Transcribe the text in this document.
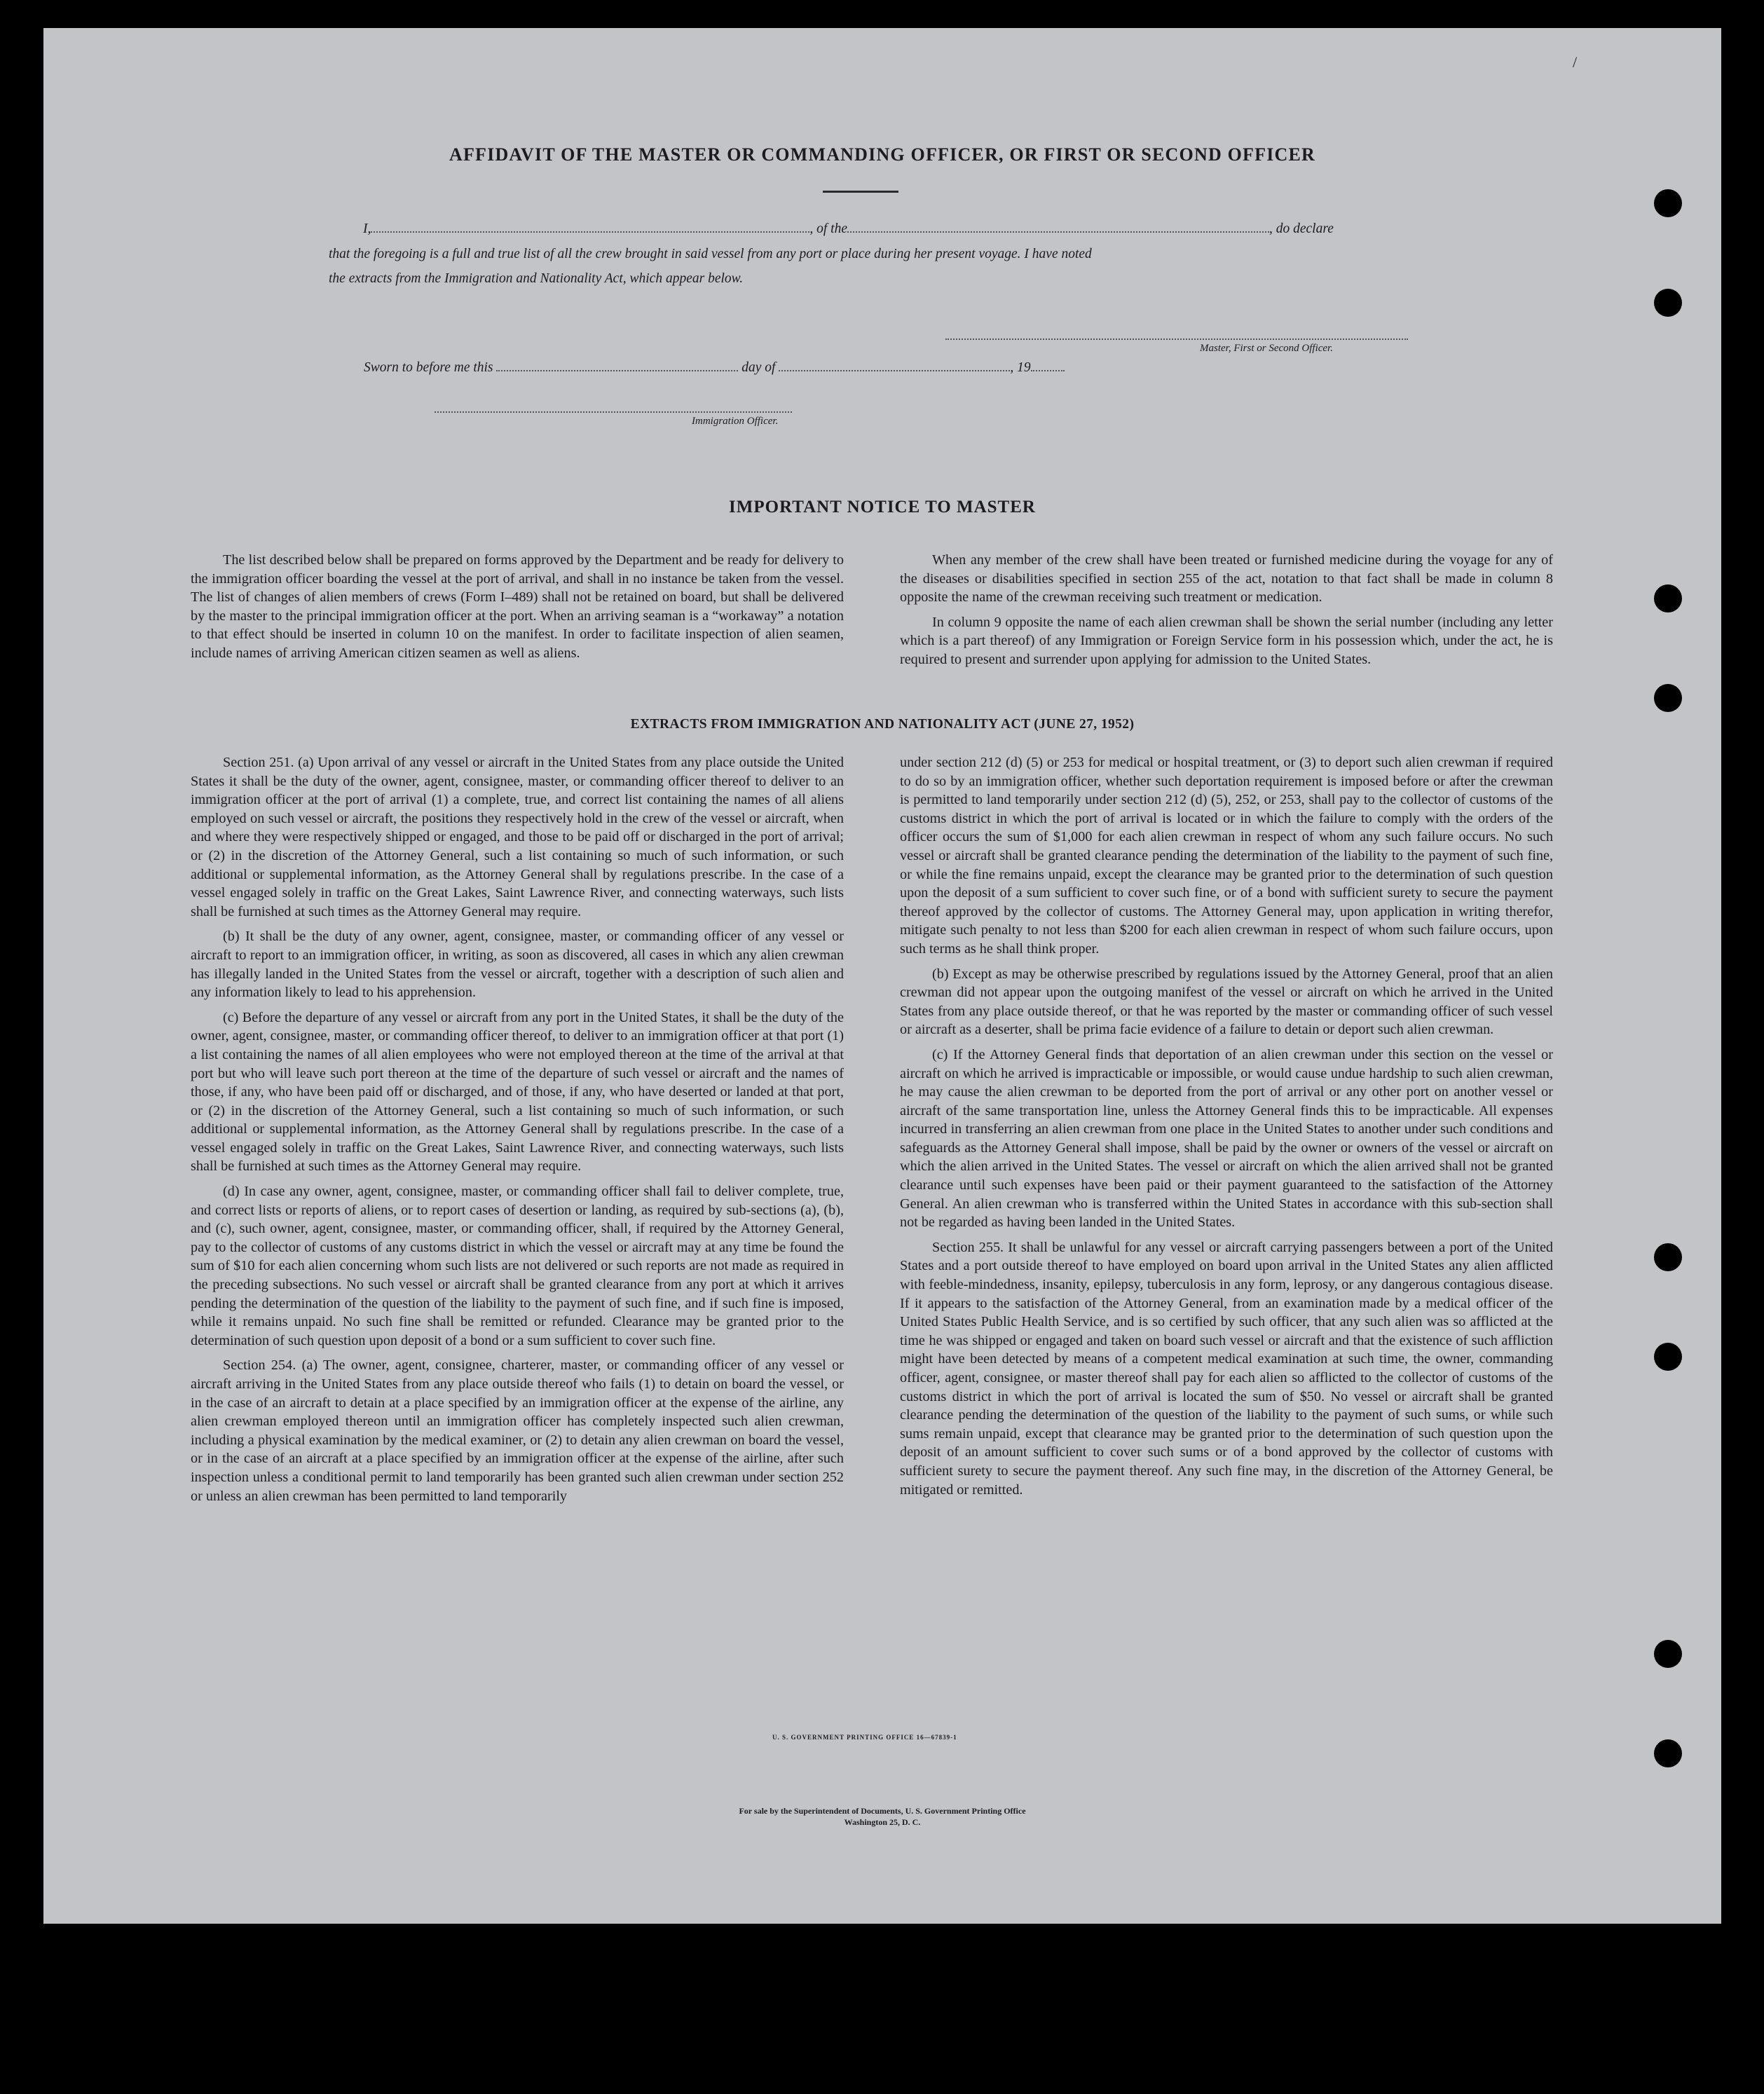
AFFIDAVIT OF THE MASTER OR COMMANDING OFFICER, OR FIRST OR SECOND OFFICER
I,	, of the	, do declare
that the foregoing is a full and true list of all the crew brought in said vessel from any port or place during her present voyage. I have noted
the extracts from the Immigration and Nationality Act, which appear below.
Master, First or Second Officer.
Sworn to before me this	day of	, 19
Immigration Officer.
IMPORTANT NOTICE TO MASTER

The list described below shall be prepared on forms approved by the Department and be ready for delivery to the immigration officer boarding the vessel at the port of arrival, and shall in no instance be taken from the vessel. The list of changes of alien members of crews (Form I–489) shall not be retained on board, but shall be delivered by the master to the principal immigration officer at the port. When an arriving seaman is a “workaway” a notation to that effect should be inserted in column 10 on the manifest. In order to facilitate inspection of alien seamen, include names of arriving American citizen seamen as well as aliens.

When any member of the crew shall have been treated or furnished medicine during the voyage for any of the diseases or disabilities specified in section 255 of the act, notation to that fact shall be made in column 8 opposite the name of the crewman receiving such treatment or medication.

In column 9 opposite the name of each alien crewman shall be shown the serial number (including any letter which is a part thereof) of any Immigration or Foreign Service form in his possession which, under the act, he is required to present and surrender upon applying for admission to the United States.

EXTRACTS FROM IMMIGRATION AND NATIONALITY ACT (JUNE 27, 1952)

Section 251. (a) Upon arrival of any vessel or aircraft in the United States from any place outside the United States it shall be the duty of the owner, agent, consignee, master, or commanding officer thereof to deliver to an immigration officer at the port of arrival (1) a complete, true, and correct list containing the names of all aliens employed on such vessel or aircraft, the positions they respectively hold in the crew of the vessel or aircraft, when and where they were respectively shipped or engaged, and those to be paid off or discharged in the port of arrival; or (2) in the discretion of the Attorney General, such a list containing so much of such information, or such additional or supplemental information, as the Attorney General shall by regulations prescribe. In the case of a vessel engaged solely in traffic on the Great Lakes, Saint Lawrence River, and connecting waterways, such lists shall be furnished at such times as the Attorney General may require.

(b) It shall be the duty of any owner, agent, consignee, master, or commanding officer of any vessel or aircraft to report to an immigration officer, in writing, as soon as discovered, all cases in which any alien crewman has illegally landed in the United States from the vessel or aircraft, together with a description of such alien and any information likely to lead to his apprehension.

(c) Before the departure of any vessel or aircraft from any port in the United States, it shall be the duty of the owner, agent, consignee, master, or commanding officer thereof, to deliver to an immigration officer at that port (1) a list containing the names of all alien employees who were not employed thereon at the time of the arrival at that port but who will leave such port thereon at the time of the departure of such vessel or aircraft and the names of those, if any, who have been paid off or discharged, and of those, if any, who have deserted or landed at that port, or (2) in the discretion of the Attorney General, such a list containing so much of such information, or such additional or supplemental information, as the Attorney General shall by regulations prescribe. In the case of a vessel engaged solely in traffic on the Great Lakes, Saint Lawrence River, and connecting waterways, such lists shall be furnished at such times as the Attorney General may require.

(d) In case any owner, agent, consignee, master, or commanding officer shall fail to deliver complete, true, and correct lists or reports of aliens, or to report cases of desertion or landing, as required by sub-sections (a), (b), and (c), such owner, agent, consignee, master, or commanding officer, shall, if required by the Attorney General, pay to the collector of customs of any customs district in which the vessel or aircraft may at any time be found the sum of $10 for each alien concerning whom such lists are not delivered or such reports are not made as required in the preceding subsections. No such vessel or aircraft shall be granted clearance from any port at which it arrives pending the determination of the question of the liability to the payment of such fine, and if such fine is imposed, while it remains unpaid. No such fine shall be remitted or refunded. Clearance may be granted prior to the determination of such question upon deposit of a bond or a sum sufficient to cover such fine.

Section 254. (a) The owner, agent, consignee, charterer, master, or commanding officer of any vessel or aircraft arriving in the United States from any place outside thereof who fails (1) to detain on board the vessel, or in the case of an aircraft to detain at a place specified by an immigration officer at the expense of the airline, any alien crewman employed thereon until an immigration officer has completely inspected such alien crewman, including a physical examination by the medical examiner, or (2) to detain any alien crewman on board the vessel, or in the case of an aircraft at a place specified by an immigration officer at the expense of the airline, after such inspection unless a conditional permit to land temporarily has been granted such alien crewman under section 252 or unless an alien crewman has been permitted to land temporarily

under section 212 (d) (5) or 253 for medical or hospital treatment, or (3) to deport such alien crewman if required to do so by an immigration officer, whether such deportation requirement is imposed before or after the crewman is permitted to land temporarily under section 212 (d) (5), 252, or 253, shall pay to the collector of customs of the customs district in which the port of arrival is located or in which the failure to comply with the orders of the officer occurs the sum of $1,000 for each alien crewman in respect of whom any such failure occurs. No such vessel or aircraft shall be granted clearance pending the determination of the liability to the payment of such fine, or while the fine remains unpaid, except the clearance may be granted prior to the determination of such question upon the deposit of a sum sufficient to cover such fine, or of a bond with sufficient surety to secure the payment thereof approved by the collector of customs. The Attorney General may, upon application in writing therefor, mitigate such penalty to not less than $200 for each alien crewman in respect of whom such failure occurs, upon such terms as he shall think proper.

(b) Except as may be otherwise prescribed by regulations issued by the Attorney General, proof that an alien crewman did not appear upon the outgoing manifest of the vessel or aircraft on which he arrived in the United States from any place outside thereof, or that he was reported by the master or commanding officer of such vessel or aircraft as a deserter, shall be prima facie evidence of a failure to detain or deport such alien crewman.

(c) If the Attorney General finds that deportation of an alien crewman under this section on the vessel or aircraft on which he arrived is impracticable or impossible, or would cause undue hardship to such alien crewman, he may cause the alien crewman to be deported from the port of arrival or any other port on another vessel or aircraft of the same transportation line, unless the Attorney General finds this to be impracticable. All expenses incurred in transferring an alien crewman from one place in the United States to another under such conditions and safeguards as the Attorney General shall impose, shall be paid by the owner or owners of the vessel or aircraft on which the alien arrived in the United States. The vessel or aircraft on which the alien arrived shall not be granted clearance until such expenses have been paid or their payment guaranteed to the satisfaction of the Attorney General. An alien crewman who is transferred within the United States in accordance with this sub-section shall not be regarded as having been landed in the United States.

Section 255. It shall be unlawful for any vessel or aircraft carrying passengers between a port of the United States and a port outside thereof to have employed on board upon arrival in the United States any alien afflicted with feeble-mindedness, insanity, epilepsy, tuberculosis in any form, leprosy, or any dangerous contagious disease. If it appears to the satisfaction of the Attorney General, from an examination made by a medical officer of the United States Public Health Service, and is so certified by such officer, that any such alien was so afflicted at the time he was shipped or engaged and taken on board such vessel or aircraft and that the existence of such affliction might have been detected by means of a competent medical examination at such time, the owner, commanding officer, agent, consignee, or master thereof shall pay for each alien so afflicted to the collector of customs of the customs district in which the port of arrival is located the sum of $50. No vessel or aircraft shall be granted clearance pending the determination of the question of the liability to the payment of such sums, or while such sums remain unpaid, except that clearance may be granted prior to the determination of such question upon the deposit of an amount sufficient to cover such sums or of a bond approved by the collector of customs with sufficient surety to secure the payment thereof. Any such fine may, in the discretion of the Attorney General, be mitigated or remitted.

U. S. GOVERNMENT PRINTING OFFICE 16—67839-1
For sale by the Superintendent of Documents, U. S. Government Printing Office
Washington 25, D. C.
/
